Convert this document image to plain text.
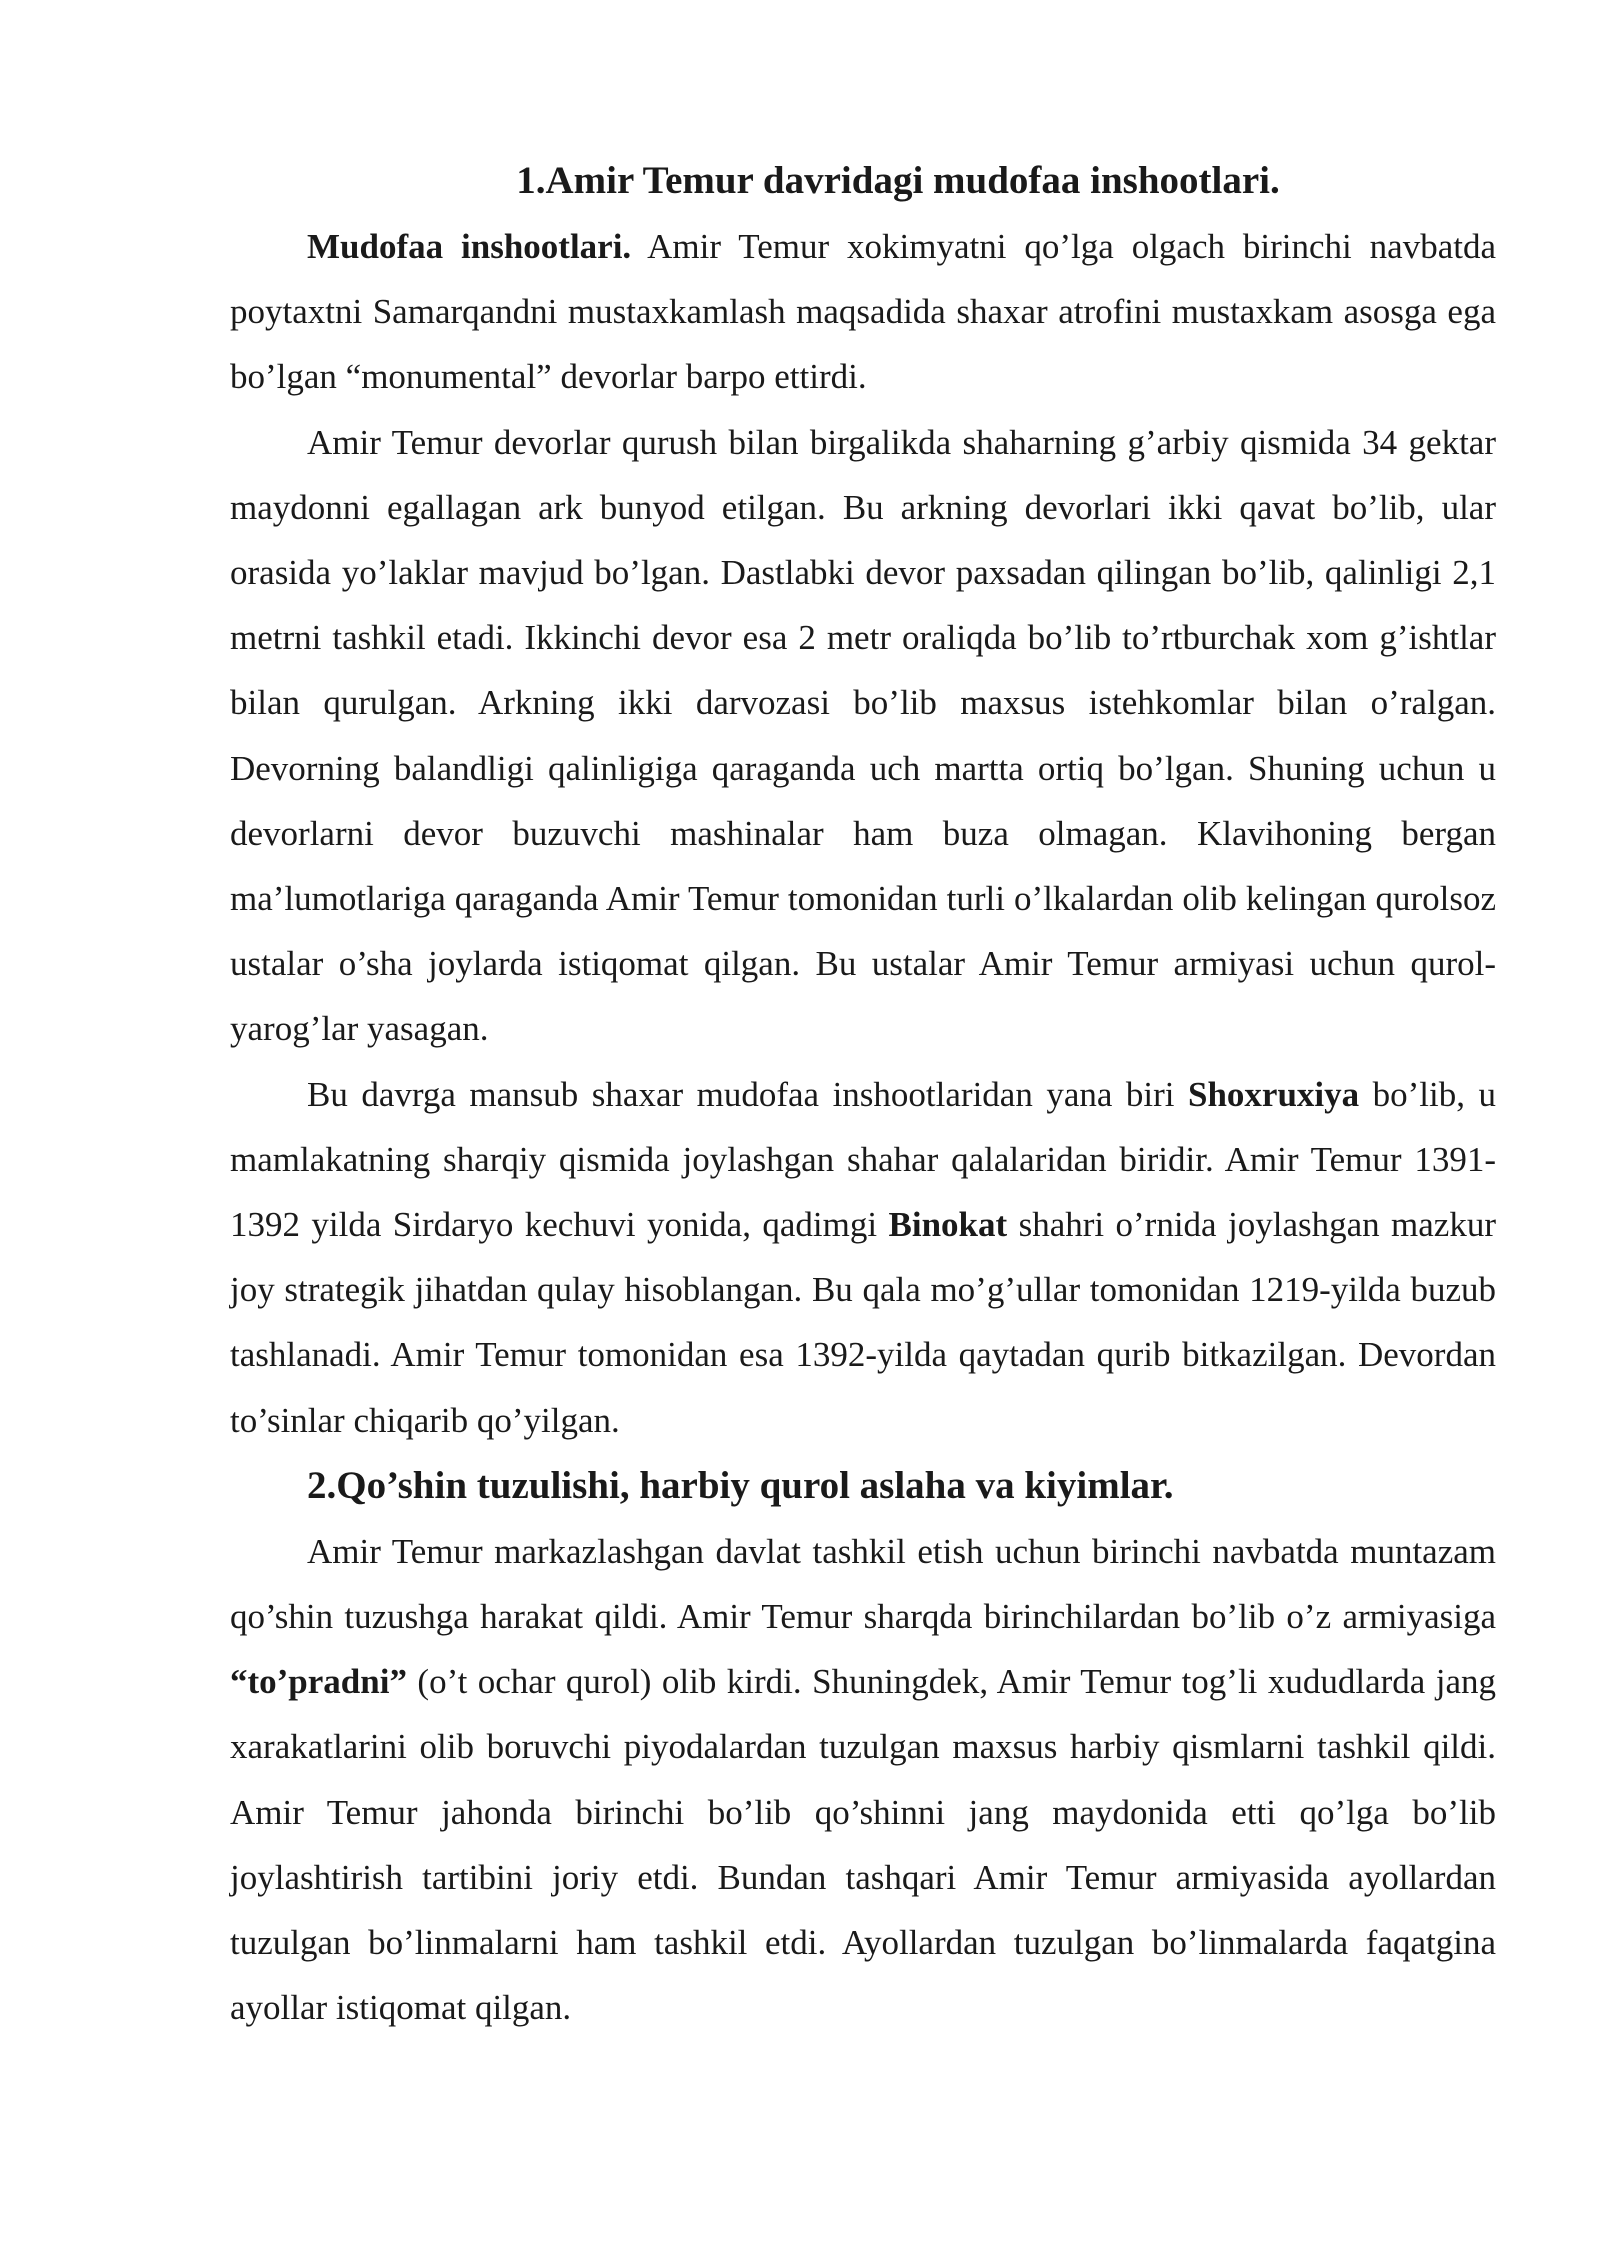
1.Amir Temur davridagi mudofaa inshootlari.

Mudofaa inshootlari. Amir Temur xokimyatni qo’lga olgach birinchi navbatda poytaxtni Samarqandni mustaxkamlash maqsadida shaxar atrofini mustaxkam asosga ega bo’lgan “monumental” devorlar barpo ettirdi.

Amir Temur devorlar qurush bilan birgalikda shaharning g’arbiy qismida 34 gektar maydonni egallagan ark bunyod etilgan. Bu arkning devorlari ikki qavat bo’lib, ular orasida yo’laklar mavjud bo’lgan. Dastlabki devor paxsadan qilingan bo’lib, qalinligi 2,1 metrni tashkil etadi. Ikkinchi devor esa 2 metr oraliqda bo’lib to’rtburchak xom g’ishtlar bilan qurulgan. Arkning ikki darvozasi bo’lib maxsus istehkomlar bilan o’ralgan. Devorning balandligi qalinligiga qaraganda uch martta ortiq bo’lgan. Shuning uchun u devorlarni devor buzuvchi mashinalar ham buza olmagan. Klavihoning bergan ma’lumotlariga qaraganda Amir Temur tomonidan turli o’lkalardan olib kelingan qurolsoz ustalar o’sha joylarda istiqomat qilgan. Bu ustalar Amir Temur armiyasi uchun qurol-yarog’lar yasagan.

Bu davrga mansub shaxar mudofaa inshootlaridan yana biri Shoxruxiya bo’lib, u mamlakatning sharqiy qismida joylashgan shahar qalalaridan biridir. Amir Temur 1391-1392 yilda Sirdaryo kechuvi yonida, qadimgi Binokat shahri o’rnida joylashgan mazkur joy strategik jihatdan qulay hisoblangan. Bu qala mo’g’ullar tomonidan 1219-yilda buzub tashlanadi. Amir Temur tomonidan esa 1392-yilda qaytadan qurib bitkazilgan. Devordan to’sinlar chiqarib qo’yilgan.

2.Qo’shin tuzulishi, harbiy qurol aslaha va kiyimlar.

Amir Temur markazlashgan davlat tashkil etish uchun birinchi navbatda muntazam qo’shin tuzushga harakat qildi. Amir Temur sharqda birinchilardan bo’lib o’z armiyasiga “to’pradni” (o’t ochar qurol) olib kirdi. Shuningdek, Amir Temur tog’li xududlarda jang xarakatlarini olib boruvchi piyodalardan tuzulgan maxsus harbiy qismlarni tashkil qildi. Amir Temur jahonda birinchi bo’lib qo’shinni jang maydonida etti qo’lga bo’lib joylashtirish tartibini joriy etdi. Bundan tashqari Amir Temur armiyasida ayollardan tuzulgan bo’linmalarni ham tashkil etdi. Ayollardan tuzulgan bo’linmalarda faqatgina ayollar istiqomat qilgan.
